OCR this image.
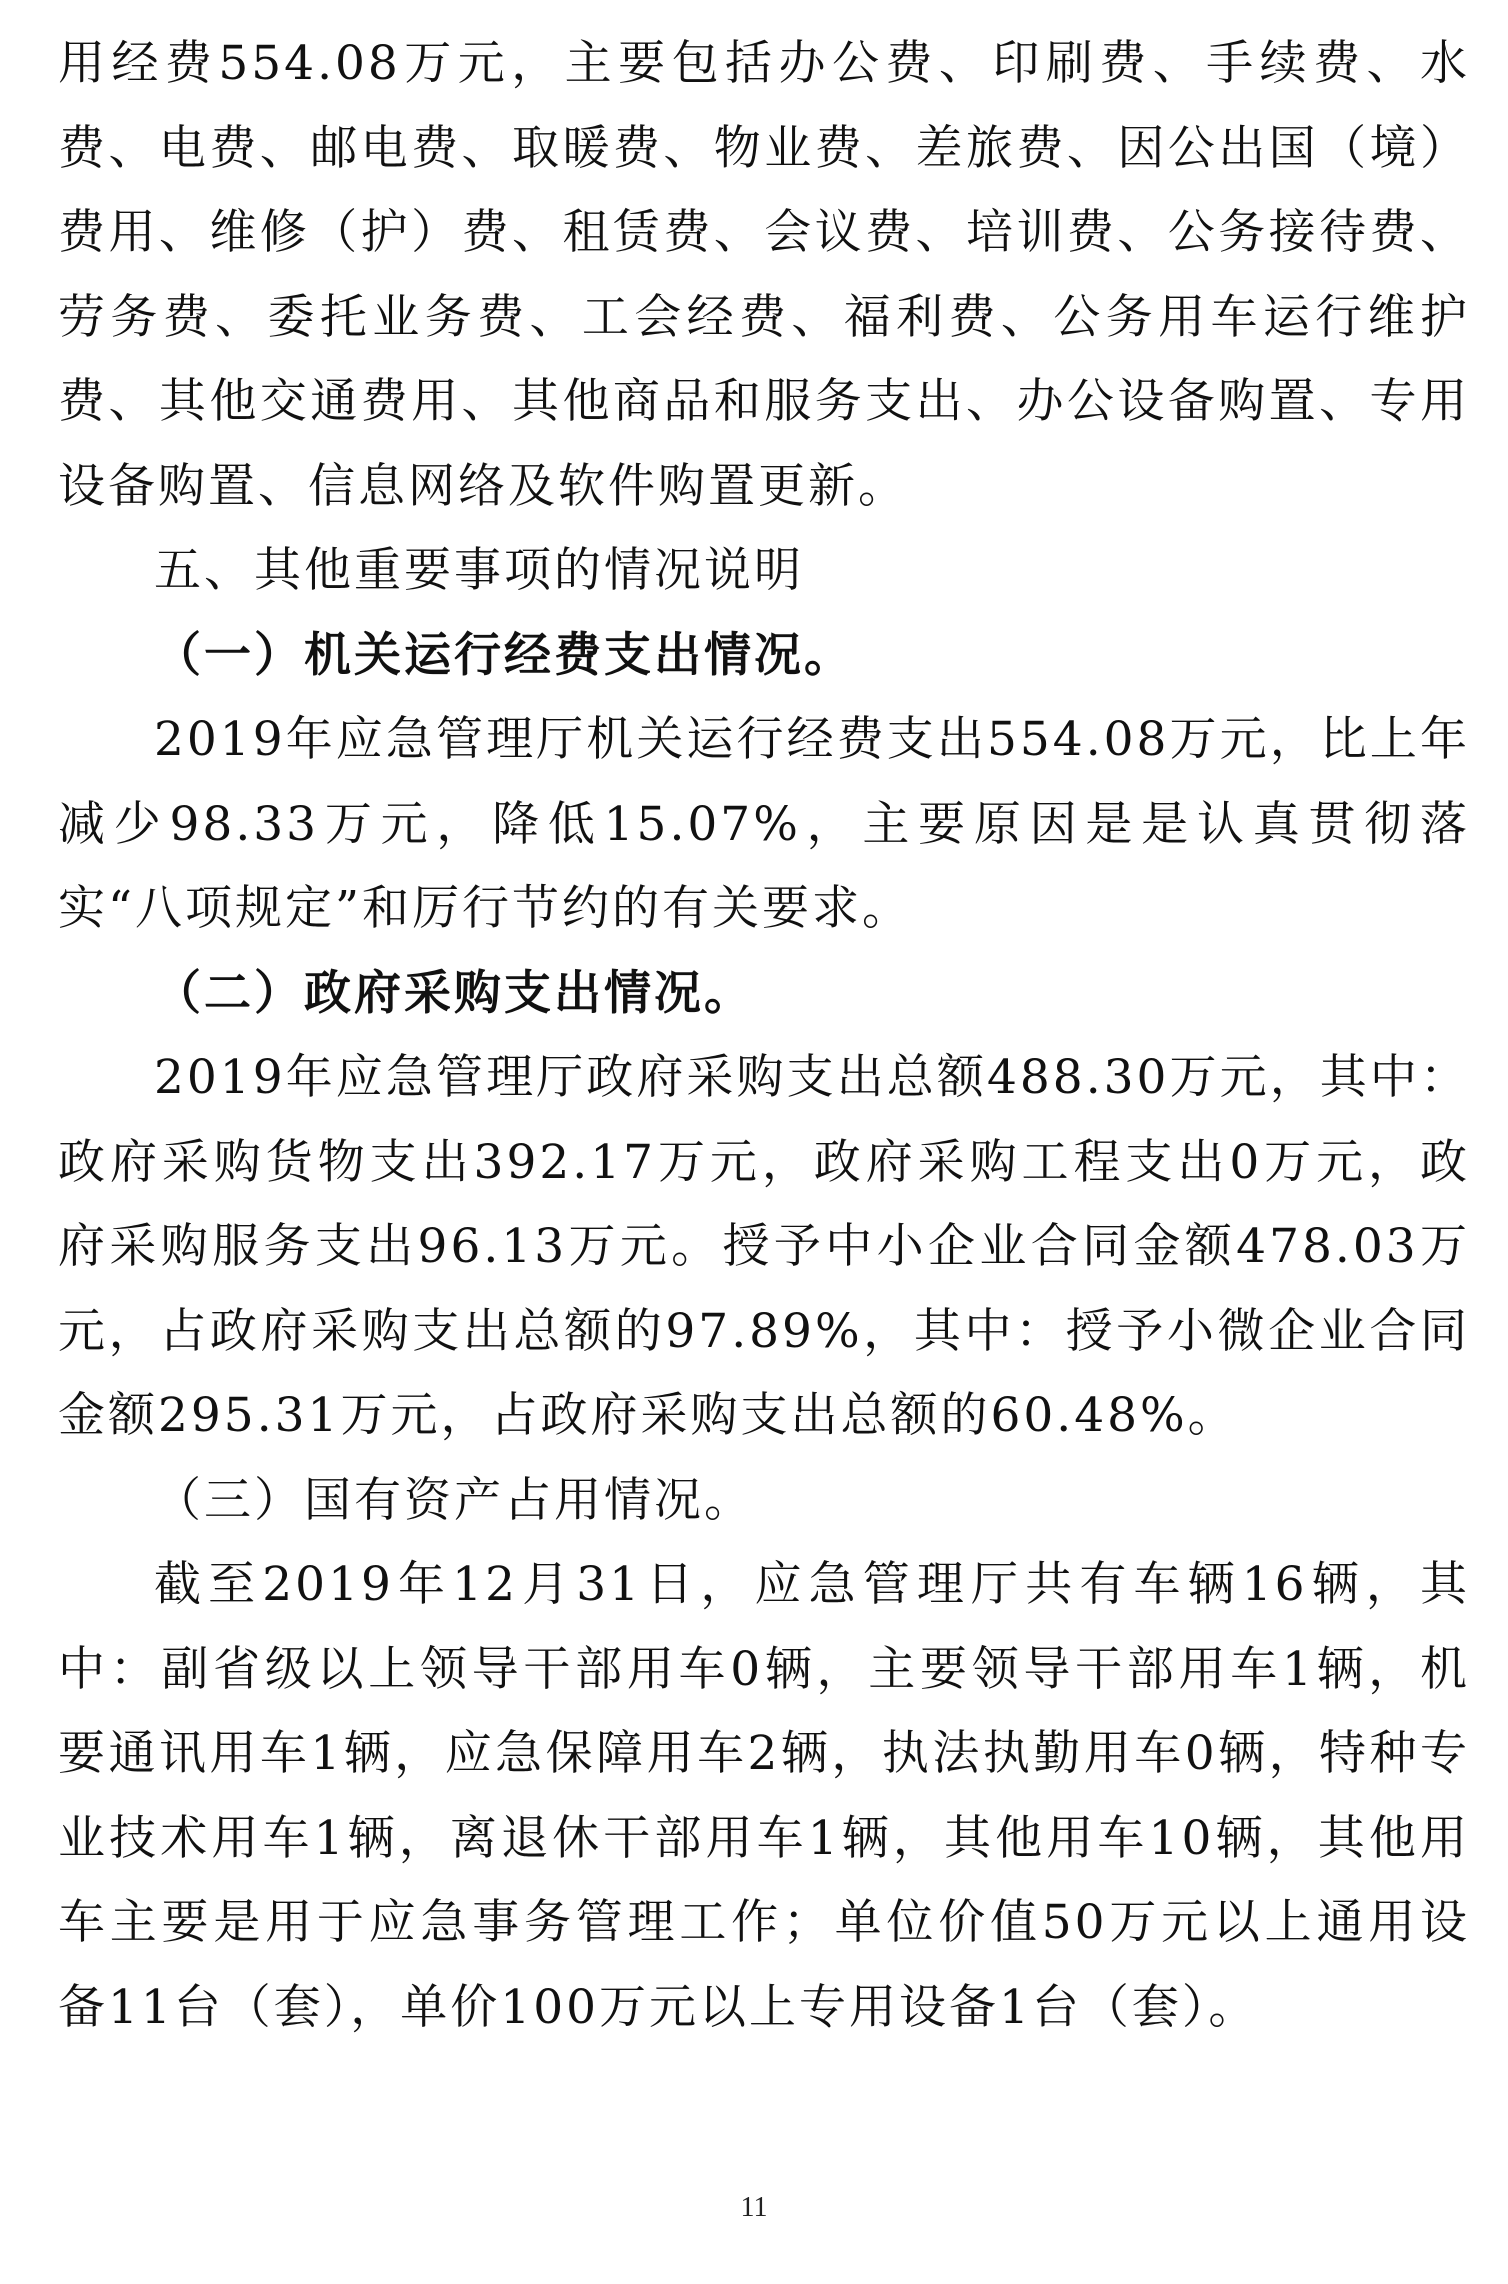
用经费554.08万元，主要包括办公费、印刷费、手续费、水费、电费、邮电费、取暖费、物业费、差旅费、因公出国（境）费用、维修（护）费、租赁费、会议费、培训费、公务接待费、劳务费、委托业务费、工会经费、福利费、公务用车运行维护费、其他交通费用、其他商品和服务支出、办公设备购置、专用设备购置、信息网络及软件购置更新。

五、其他重要事项的情况说明

（一）机关运行经费支出情况。

2019年应急管理厅机关运行经费支出554.08万元，比上年减少98.33万元，降低15.07%，主要原因是是认真贯彻落实“八项规定”和厉行节约的有关要求。

（二）政府采购支出情况。

2019年应急管理厅政府采购支出总额488.30万元，其中：政府采购货物支出392.17万元，政府采购工程支出0万元，政府采购服务支出96.13万元。授予中小企业合同金额478.03万元，占政府采购支出总额的97.89%，其中：授予小微企业合同金额295.31万元，占政府采购支出总额的60.48%。

（三）国有资产占用情况。

截至2019年12月31日，应急管理厅共有车辆16辆，其中：副省级以上领导干部用车0辆，主要领导干部用车1辆，机要通讯用车1辆，应急保障用车2辆，执法执勤用车0辆，特种专业技术用车1辆，离退休干部用车1辆，其他用车10辆，其他用车主要是用于应急事务管理工作；单位价值50万元以上通用设备11台（套），单价100万元以上专用设备1台（套）。

11
